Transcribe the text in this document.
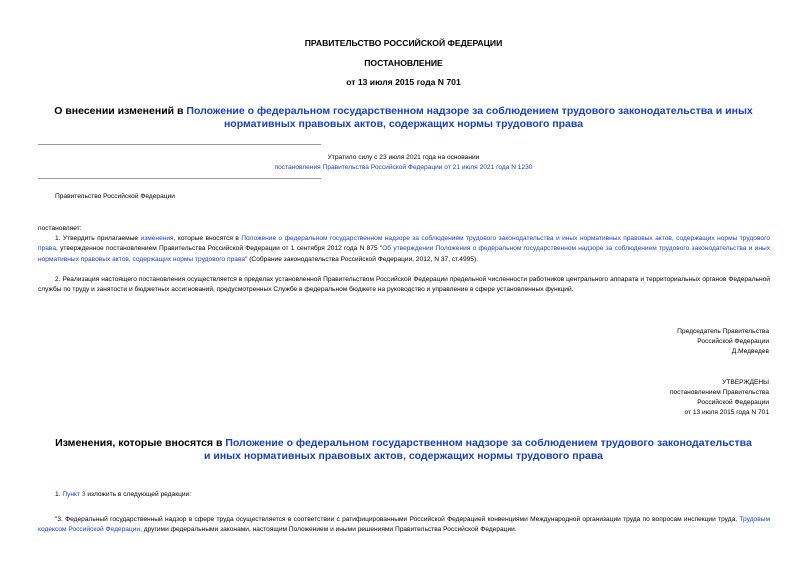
ПРАВИТЕЛЬСТВО РОССИЙСКОЙ ФЕДЕРАЦИИ
ПОСТАНОВЛЕНИЕ
от 13 июля 2015 года N 701
О внесении изменений в Положение о федеральном государственном надзоре за соблюдением трудового законодательства и иных нормативных правовых актов, содержащих нормы трудового права
Утратило силу с 23 июля 2021 года на основании
постановления Правительства Российской Федерации от 21 июля 2021 года N 1230
Правительство Российской Федерации
постановляет:
1. Утвердить прилагаемые изменения, которые вносятся в Положение о федеральном государственном надзоре за соблюдением трудового законодательства и иных нормативных правовых актов, содержащих нормы трудового права, утвержденное постановлением Правительства Российской Федерации от 1 сентября 2012 года N 875 "Об утверждении Положения о федеральном государственном надзоре за соблюдением трудового законодательства и иных нормативных правовых актов, содержащих нормы трудового права" (Собрание законодательства Российской Федерации, 2012, N 37, ст.4995).
2. Реализация настоящего постановления осуществляется в пределах установленной Правительством Российской Федерации предельной численности работников центрального аппарата и территориальных органов Федеральной службы по труду и занятости и бюджетных ассигнований, предусмотренных Службе в федеральном бюджете на руководство и управление в сфере установленных функций.
Председатель Правительства
Российской Федерации
Д.Медведев
УТВЕРЖДЕНЫ
постановлением Правительства
Российской Федерации
от 13 июля 2015 года N 701
Изменения, которые вносятся в Положение о федеральном государственном надзоре за соблюдением трудового законодательства и иных нормативных правовых актов, содержащих нормы трудового права
1. Пункт 3 изложить в следующей редакции:
"3. Федеральный государственный надзор в сфере труда осуществляется в соответствии с ратифицированными Российской Федерацией конвенциями Международной организации труда по вопросам инспекции труда, Трудовым кодексом Российской Федерации, другими федеральными законами, настоящим Положением и иными решениями Правительства Российской Федерации.
